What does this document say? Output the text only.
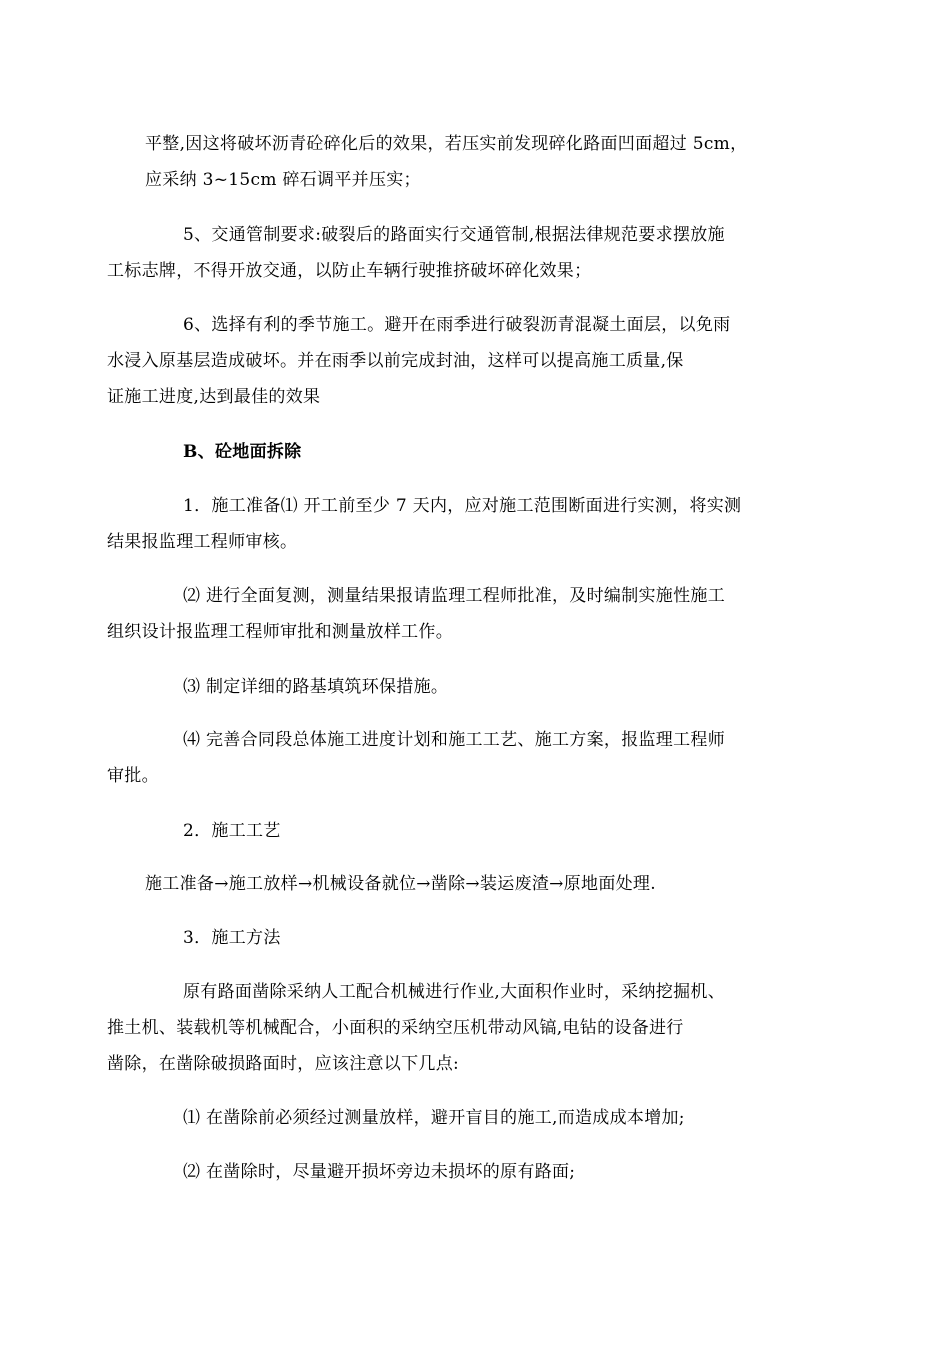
平整,因这将破坏沥青砼碎化后的效果，若压实前发现碎化路面凹面超过 5cm，
应采纳 3~15cm 碎石调平并压实；
5、交通管制要求:破裂后的路面实行交通管制,根据法律规范要求摆放施
工标志牌，不得开放交通，以防止车辆行驶推挤破坏碎化效果；
6、选择有利的季节施工。避开在雨季进行破裂沥青混凝土面层，以免雨
水浸入原基层造成破坏。并在雨季以前完成封油，这样可以提高施工质量,保
证施工进度,达到最佳的效果
B、砼地面拆除
1．施工准备⑴ 开工前至少 7 天内，应对施工范围断面进行实测，将实测
结果报监理工程师审核。
⑵ 进行全面复测，测量结果报请监理工程师批准，及时编制实施性施工
组织设计报监理工程师审批和测量放样工作。
⑶ 制定详细的路基填筑环保措施。
⑷ 完善合同段总体施工进度计划和施工工艺、施工方案，报监理工程师
审批。
2．施工工艺
施工准备→施工放样→机械设备就位→凿除→装运废渣→原地面处理.
3．施工方法
原有路面凿除采纳人工配合机械进行作业,大面积作业时，采纳挖掘机、
推土机、装载机等机械配合，小面积的采纳空压机带动风镐,电钻的设备进行
凿除，在凿除破损路面时，应该注意以下几点:
⑴ 在凿除前必须经过测量放样，避开盲目的施工,而造成成本增加;
⑵ 在凿除时，尽量避开损坏旁边未损坏的原有路面;
